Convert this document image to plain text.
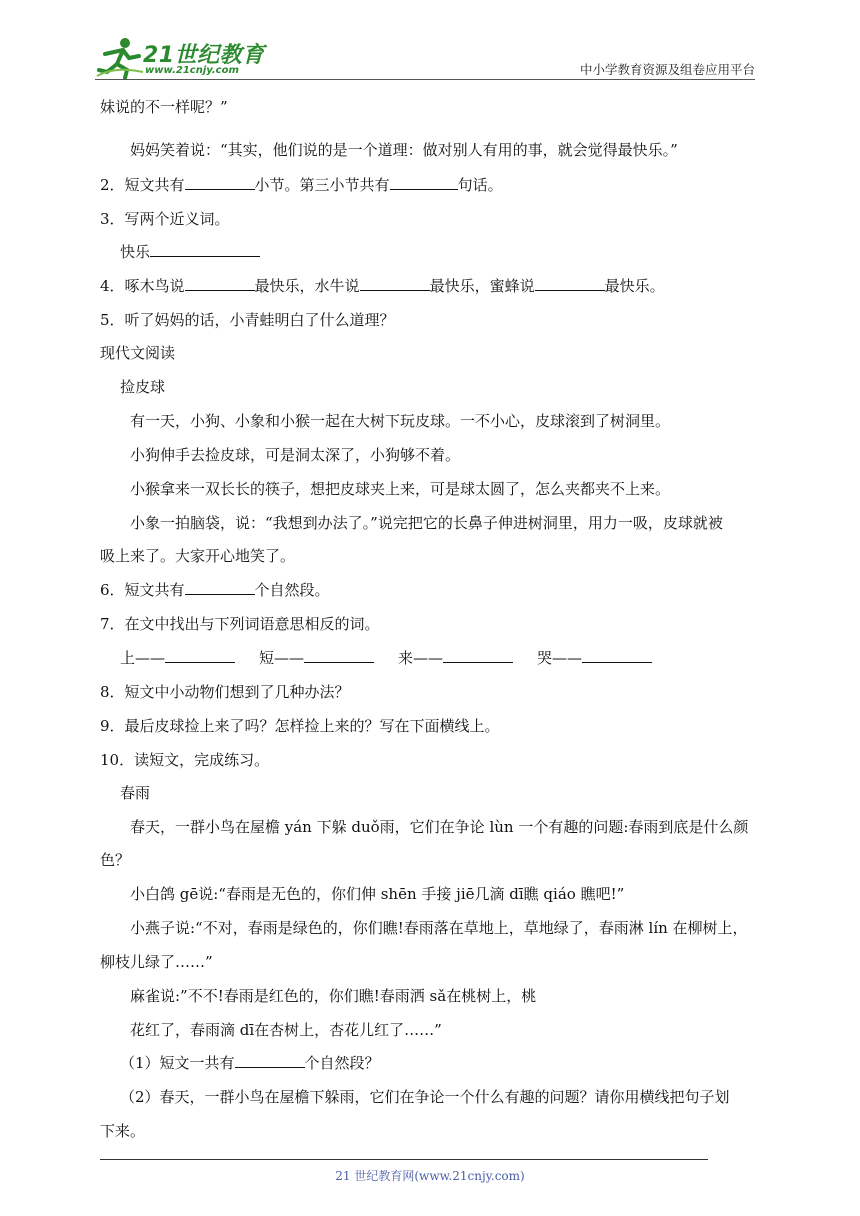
21世纪教育
www.21cnjy.com	中小学教育资源及组卷应用平台
妹说的不一样呢？”
妈妈笑着说：“其实，他们说的是一个道理：做对别人有用的事，就会觉得最快乐。”
2．短文共有	小节。第三小节共有	句话。
3．写两个近义词。
快乐
4．啄木鸟说	最快乐，水牛说	最快乐，蜜蜂说	最快乐。
5．听了妈妈的话，小青蛙明白了什么道理？
现代文阅读
捡皮球
有一天，小狗、小象和小猴一起在大树下玩皮球。一不小心，皮球滚到了树洞里。
小狗伸手去捡皮球，可是洞太深了，小狗够不着。
小猴拿来一双长长的筷子，想把皮球夹上来，可是球太圆了，怎么夹都夹不上来。
小象一拍脑袋，说：“我想到办法了。”说完把它的长鼻子伸进树洞里，用力一吸，皮球就被
吸上来了。大家开心地笑了。
6．短文共有	个自然段。
7．在文中找出与下列词语意思相反的词。
上——	短——	来——	哭——
8．短文中小动物们想到了几种办法？
9．最后皮球捡上来了吗？怎样捡上来的？写在下面横线上。
10．读短文，完成练习。
春雨
春天，一群小鸟在屋檐 yán 下躲 duǒ雨，它们在争论 lùn 一个有趣的问题:春雨到底是什么颜
色？
小白鸽 gē说:“春雨是无色的，你们伸 shēn 手接 jiē几滴 dī瞧 qiáo 瞧吧!”
小燕子说:“不对，春雨是绿色的，你们瞧!春雨落在草地上，草地绿了，春雨淋 lín 在柳树上，
柳枝儿绿了……”
麻雀说:”不不!春雨是红色的，你们瞧!春雨洒 sǎ在桃树上，桃
花红了，春雨滴 dī在杏树上，杏花儿红了……”
（1）短文一共有	个自然段？
（2）春天，一群小鸟在屋檐下躲雨，它们在争论一个什么有趣的问题？请你用横线把句子划
下来。
21 世纪教育网(www.21cnjy.com)
